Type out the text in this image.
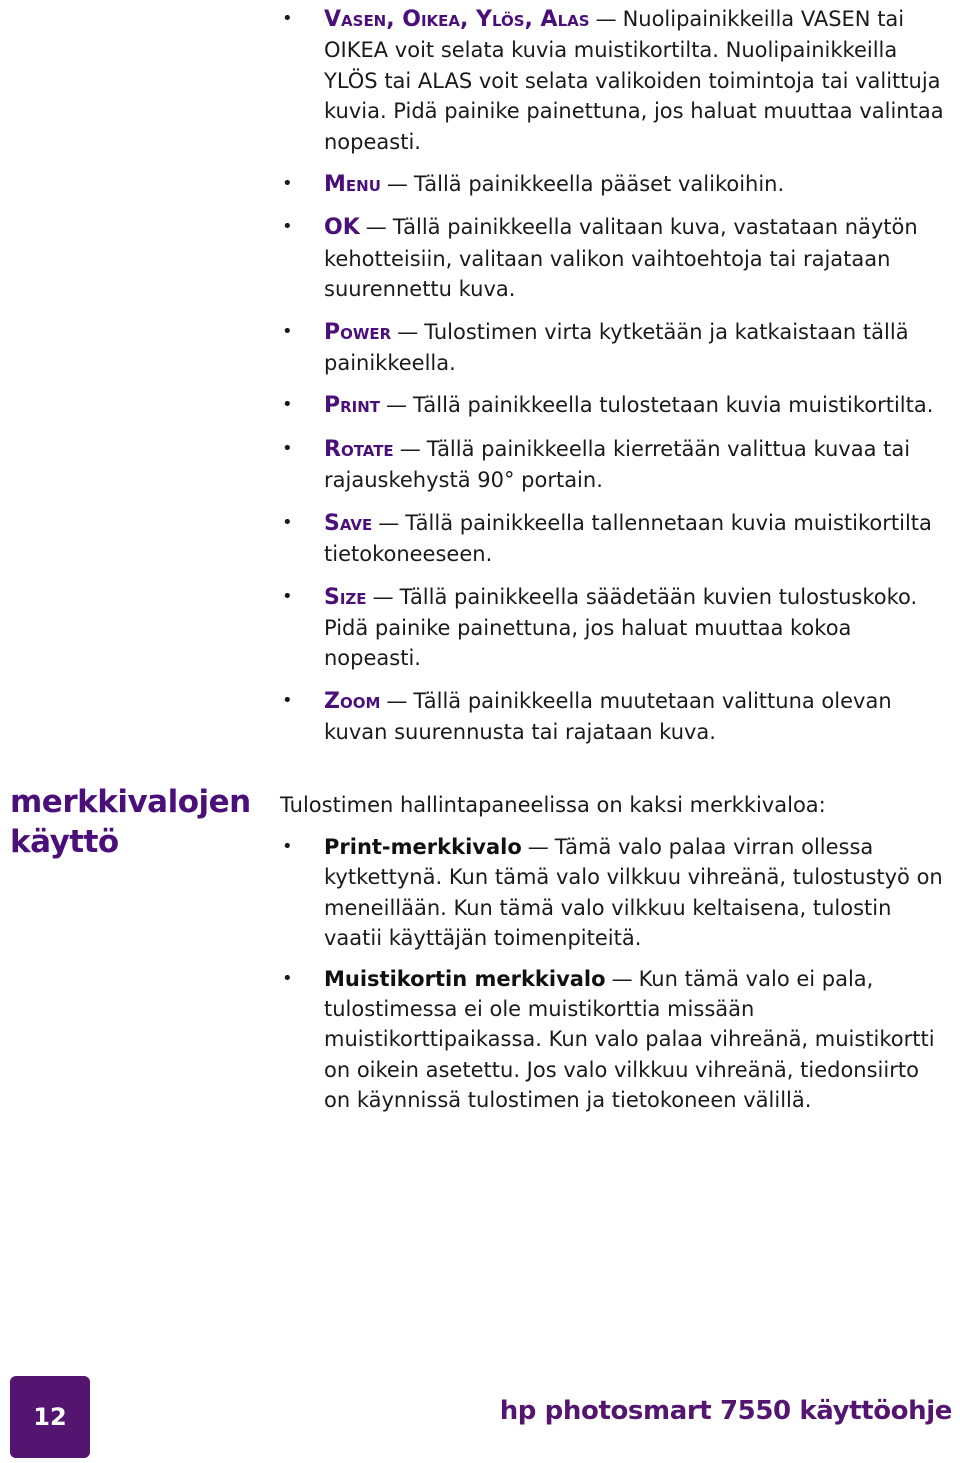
• Vasen, Oikea, Ylös, Alas — Nuolipainikkeilla VASEN tai OIKEA voit selata kuvia muistikortilta. Nuolipainikkeilla YLÖS tai ALAS voit selata valikoiden toimintoja tai valittuja kuvia. Pidä painike painettuna, jos haluat muuttaa valintaa nopeasti.
• Menu — Tällä painikkeella pääset valikoihin.
• OK — Tällä painikkeella valitaan kuva, vastataan näytön kehotteisiin, valitaan valikon vaihtoehtoja tai rajataan suurennettu kuva.
• Power — Tulostimen virta kytketään ja katkaistaan tällä painikkeella.
• Print — Tällä painikkeella tulostetaan kuvia muistikortilta.
• Rotate — Tällä painikkeella kierretään valittua kuvaa tai rajauskehystä 90° portain.
• Save — Tällä painikkeella tallennetaan kuvia muistikortilta tietokoneeseen.
• Size — Tällä painikkeella säädetään kuvien tulostuskoko. Pidä painike painettuna, jos haluat muuttaa kokoa nopeasti.
• Zoom — Tällä painikkeella muutetaan valittuna olevan kuvan suurennusta tai rajataan kuva.
merkkivalojen käyttö
Tulostimen hallintapaneelissa on kaksi merkkivaloa:
• Print-merkkivalo — Tämä valo palaa virran ollessa kytkettynä. Kun tämä valo vilkkuu vihreänä, tulostustyö on meneillään. Kun tämä valo vilkkuu keltaisena, tulostin vaatii käyttäjän toimenpiteitä.
• Muistikortin merkkivalo — Kun tämä valo ei pala, tulostimessa ei ole muistikorttia missään muistikorttipaikassa. Kun valo palaa vihreänä, muistikortti on oikein asetettu. Jos valo vilkkuu vihreänä, tiedonsiirto on käynnissä tulostimen ja tietokoneen välillä.
12	hp photosmart 7550 käyttöohje
